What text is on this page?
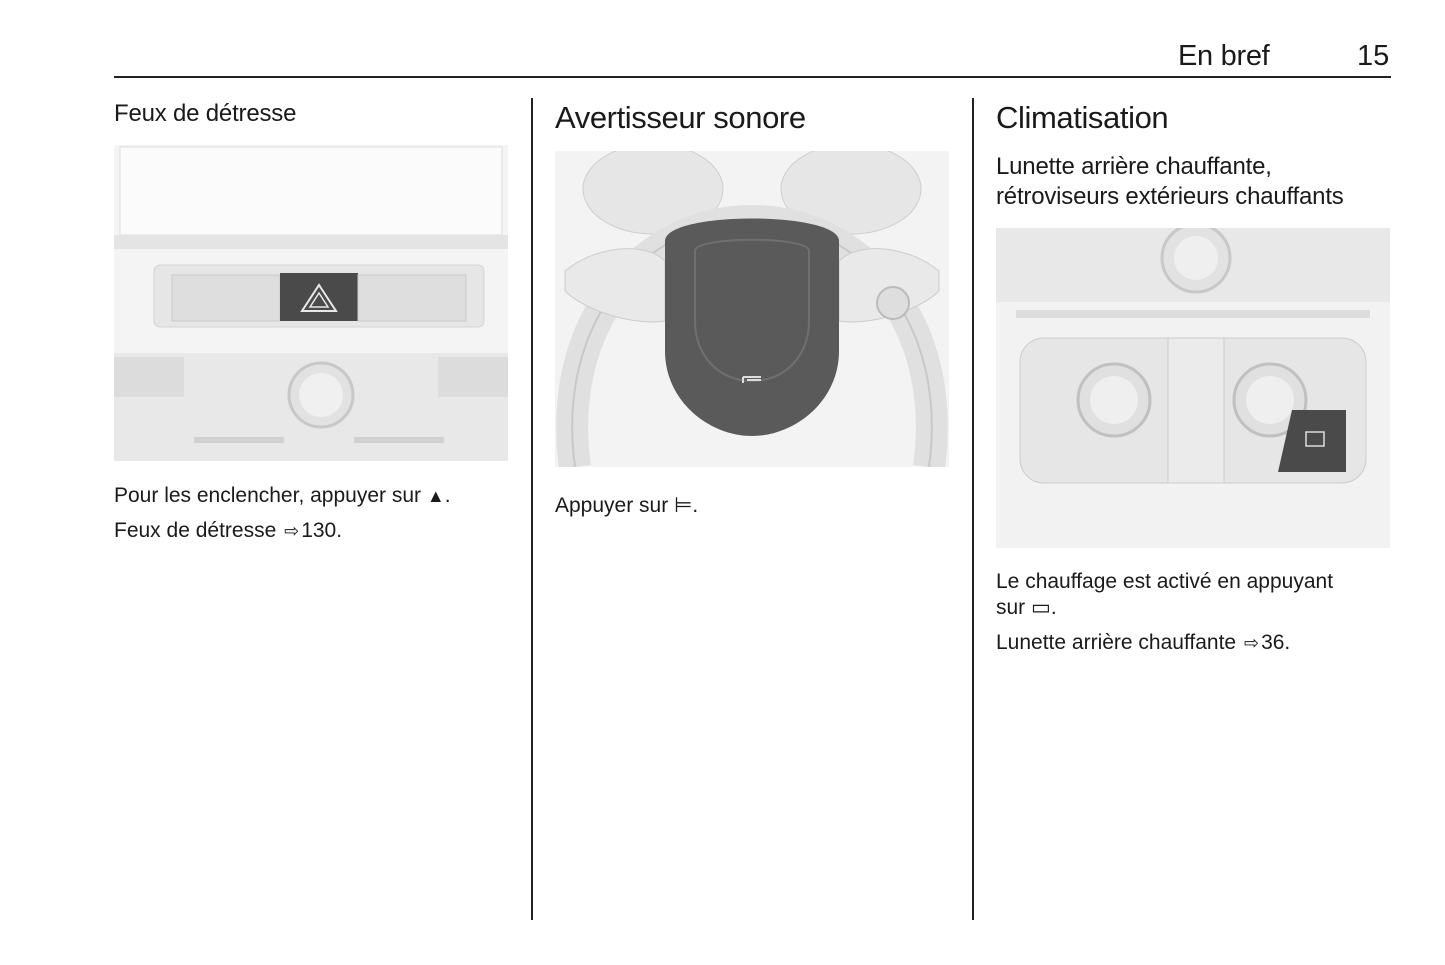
En bref	15
Feux de détresse

Pour les enclencher, appuyer sur ▲.

Feux de détresse ⇨130.

Avertisseur sonore

Appuyer sur ⊨.

Climatisation
Lunette arrière chauffante,
rétroviseurs extérieurs chauffants

Le chauffage est activé en appuyant
sur ▭.

Lunette arrière chauffante ⇨36.
